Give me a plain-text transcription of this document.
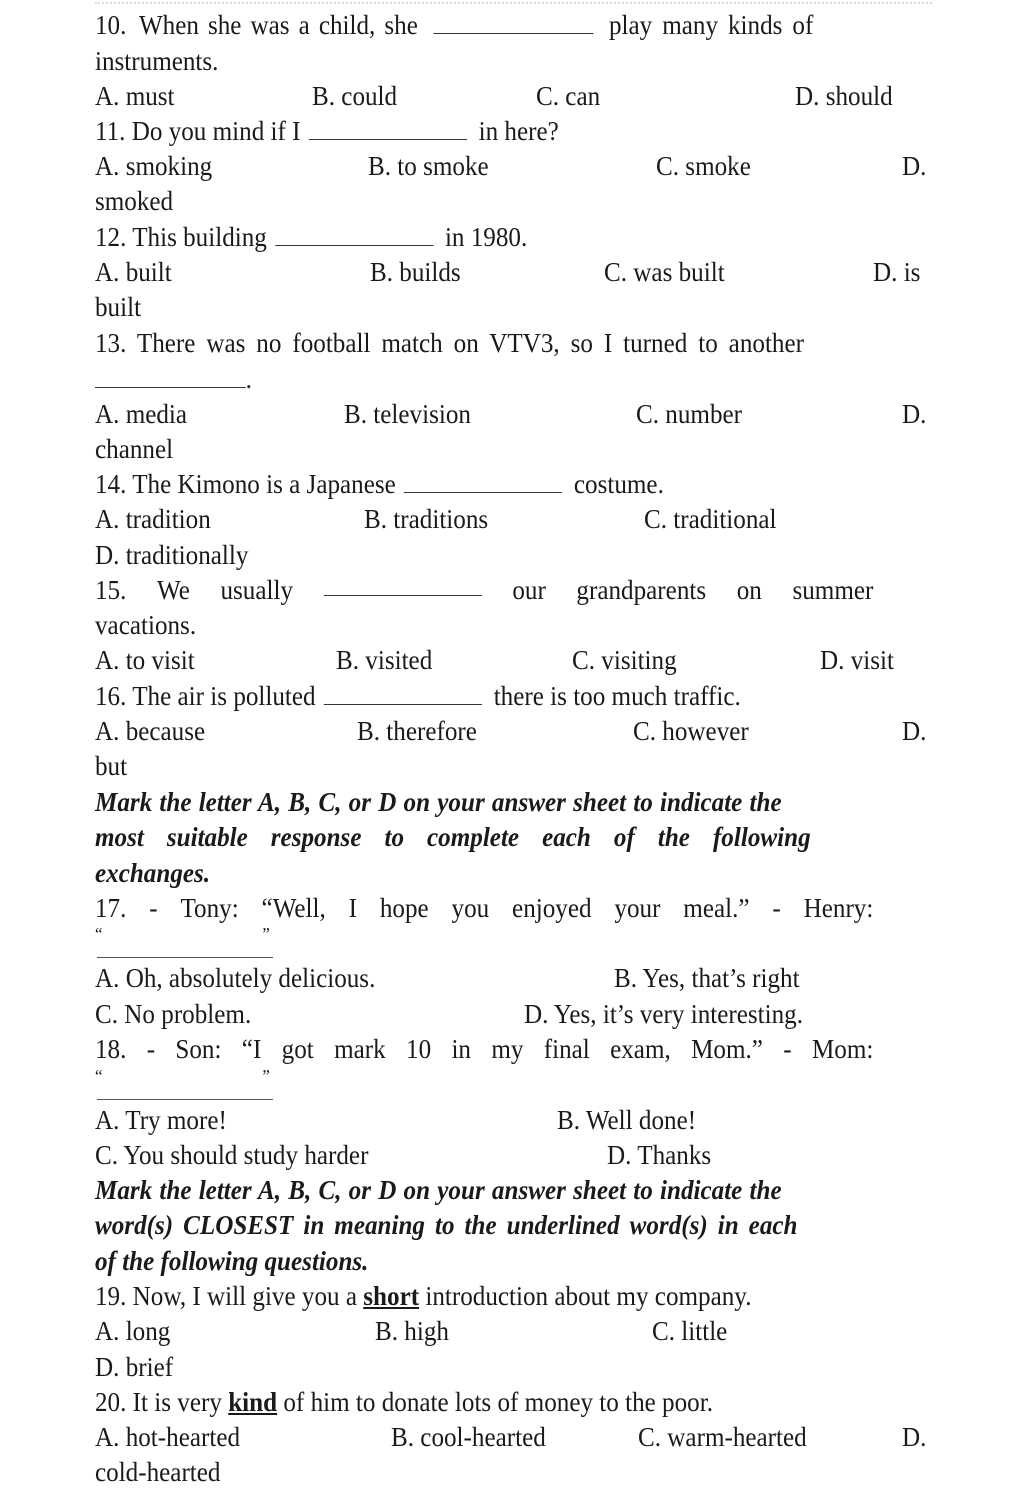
10. When she was a child, she	play many kinds of
instruments.
A. must	B. could	C. can	D. should
11. Do you mind if I	in here?
A. smoking	B. to smoke	C. smoke	D.
smoked
12. This building	in 1980.
A. built	B. builds	C. was built	D. is
built
13. There was no football match on VTV3, so I turned to another
.
A. media	B. television	C. number	D.
channel
14. The Kimono is a Japanese	costume.
A. tradition	B. traditions	C. traditional
D. traditionally
15. We usually	our grandparents on summer
vacations.
A. to visit	B. visited	C. visiting	D. visit
16. The air is polluted	there is too much traffic.
A. because	B. therefore	C. however	D.
but
Mark the letter A, B, C, or D on your answer sheet to indicate the
most suitable response to complete each of the following
exchanges.
17. - Tony: “Well, I hope you enjoyed your meal.” - Henry:
“	”
A. Oh, absolutely delicious.	B. Yes, that’s right
C. No problem.	D. Yes, it’s very interesting.
18. - Son: “I got mark 10 in my final exam, Mom.” - Mom:
“	”
A. Try more!	B. Well done!
C. You should study harder	D. Thanks
Mark the letter A, B, C, or D on your answer sheet to indicate the
word(s) CLOSEST in meaning to the underlined word(s) in each
of the following questions.
19. Now, I will give you a short introduction about my company.
A. long	B. high	C. little
D. brief
20. It is very kind of him to donate lots of money to the poor.
A. hot-hearted	B. cool-hearted	C. warm-hearted	D.
cold-hearted
